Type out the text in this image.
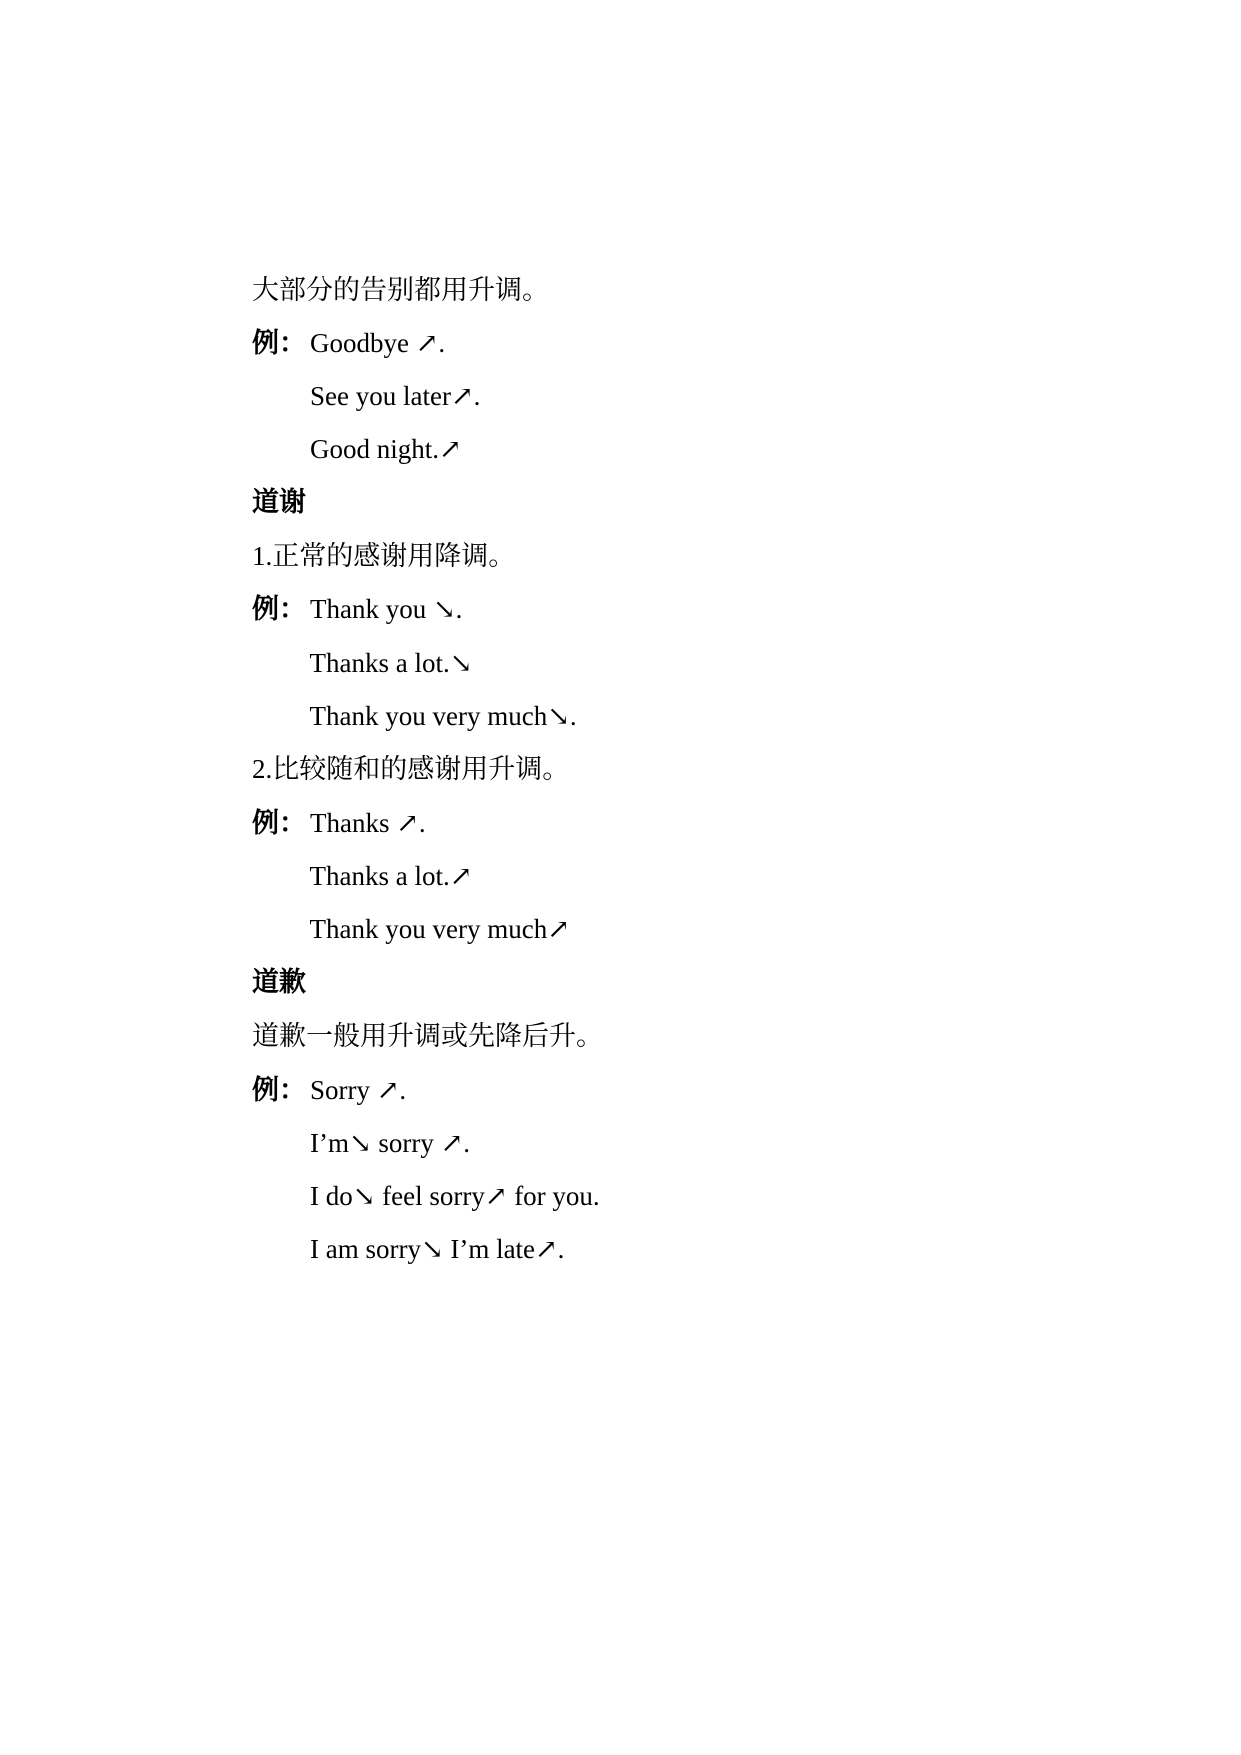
大部分的告别都用升调。

例： Goodbye ↗.

See you later↗.

Good night.↗

道谢

1.正常的感谢用降调。

例： Thank you ↘.

Thanks a lot.↘

Thank you very much↘.

2.比较随和的感谢用升调。

例： Thanks ↗.

Thanks a lot.↗

Thank you very much↗

道歉

道歉一般用升调或先降后升。

例： Sorry ↗.

I’m↘ sorry ↗.

I do↘ feel sorry↗ for you.

I am sorry↘ I’m late↗.
